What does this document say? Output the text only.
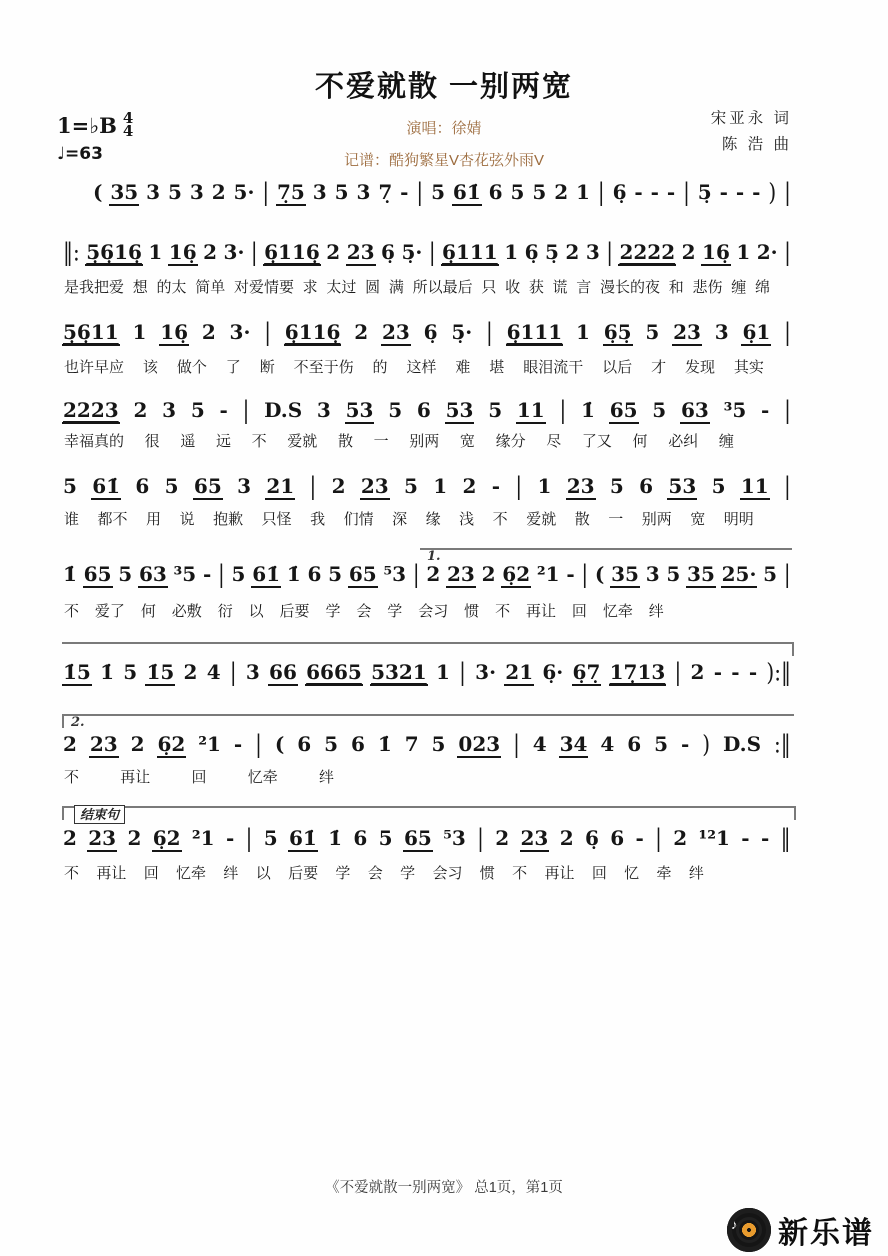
不爱就散 一别两宽
1=♭B 4
4
♩=63
演唱：徐婧
记谱：酷狗繁星V杏花弦外雨V
宋亚永 词
陈 浩 曲
( 35 3 5 3 2 5· | 7̣5 3 5 3 7̣ - | 5 61̇ 6 5 5 2 1 | 6̣ - - - | 5̣ - - - ) |
‖: 5̣6̣16̣ 1 16̣ 2 3· | 6̣116̣ 2 23 6̣ 5̣· | 6̣111 1 6̣ 5̣ 2 3 | 2222 2 16̣ 1 2· |
是我把爱 想 的太 简单 对爱情要 求 太过 圆 满 所以最后 只 收 获 谎 言 漫长的夜 和 悲伤 缠 绵
5̣6̣11 1 16̣ 2 3· | 6̣116̣ 2 23 6̣ 5̣· | 6̣111 1 6̣5̣ 5 23 3 6̣1 |
也许早应 该 做个 了 断 不至于伤 的 这样 难 堪 眼泪流干 以后 才 发现 其实
2223 2 3 5 - | D.S 3 53 5 6 53 5 11 | 1̇ 65 5 63 ³5 - |
幸福真的 很 遥 远 不 爱就 散 一 别两 宽 缘分 尽 了又 何 必纠 缠
5 61̇ 6 5 65 3 21 | 2 23 5 1 2 - | 1 23 5 6 53 5 11 |
谁 都不 用 说 抱歉 只怪 我 们情 深 缘 浅 不 爱就 散 一 别两 宽 明明
1.
1̇ 65 5 63 ³5 - | 5 61̇ 1̇ 6 5 65 ⁵3 | 2 23 2 6̣2 ²1 - | ( 35 3 5 35 25· 5 |
不 爱了 何 必敷 衍 以 后要 学 会 学 会习 惯 不 再让 回 忆牵 绊
1̇5 1̇ 5 1̇5 2 4 | 3 66 6665 5321 1 | 3· 21 6̣· 6̣7̣ 17̣13 | 2 - - - ):‖
2.
2 23 2 6̣2 ²1 - | ( 6 5 6 1̇ 7 5 023 | 4 34 4 6 5 - ) D.S :‖
不	再让	回	忆牵	绊
结束句
2 23 2 6̣2 ²1 - | 5 61̇ 1̇ 6 5 65 ⁵3 | 2 23 2 6̣ 6 - | 2 ¹²1 - - ‖
不 再让 回 忆牵 绊 以 后要 学 会 学 会习 惯 不 再让 回 忆 牵 绊
《不爱就散一别两宽》 总1页，第1页
♪ 新乐谱
